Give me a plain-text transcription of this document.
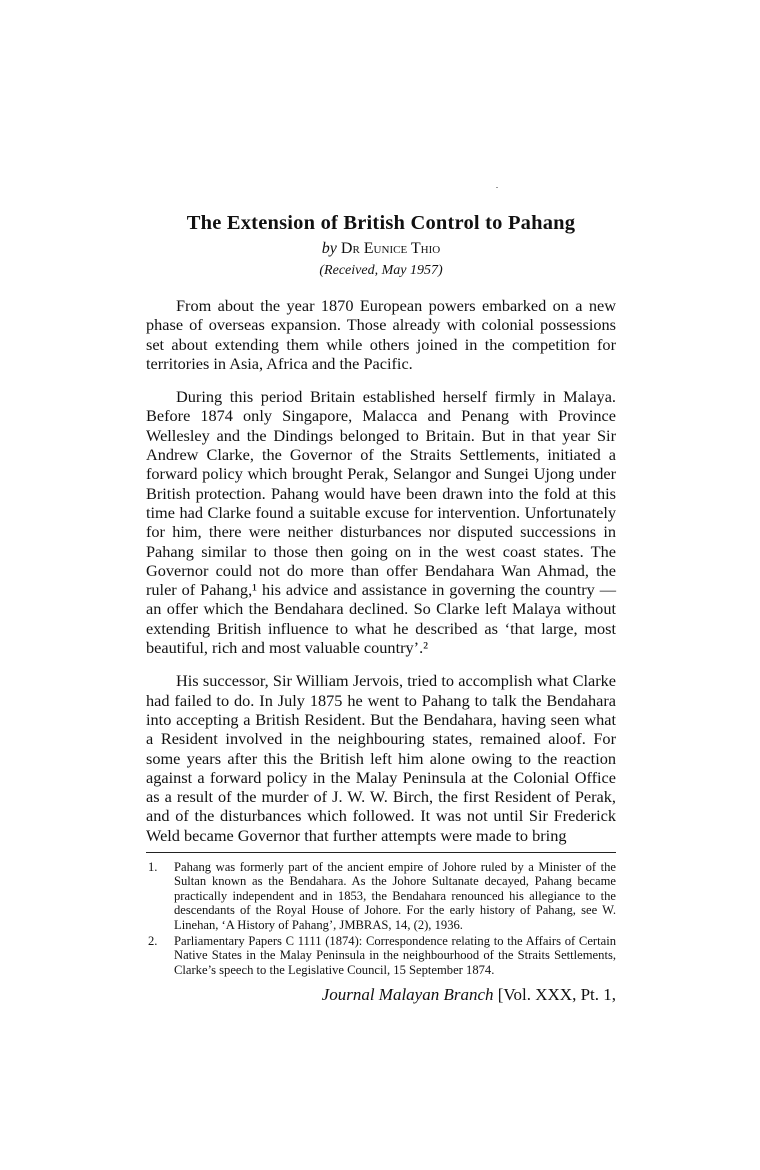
The Extension of British Control to Pahang
by Dr Eunice Thio
(Received, May 1957)

From about the year 1870 European powers embarked on a new phase of overseas expansion. Those already with colonial possessions set about extending them while others joined in the competition for territories in Asia, Africa and the Pacific.

During this period Britain established herself firmly in Malaya. Before 1874 only Singapore, Malacca and Penang with Province Wellesley and the Dindings belonged to Britain. But in that year Sir Andrew Clarke, the Governor of the Straits Settlements, initiated a forward policy which brought Perak, Selangor and Sungei Ujong under British protection. Pahang would have been drawn into the fold at this time had Clarke found a suitable excuse for intervention. Unfortunately for him, there were neither disturbances nor disputed successions in Pahang similar to those then going on in the west coast states. The Governor could not do more than offer Bendahara Wan Ahmad, the ruler of Pahang,¹ his advice and assistance in governing the country — an offer which the Bendahara declined. So Clarke left Malaya without extending British influence to what he described as ‘that large, most beautiful, rich and most valuable country’.²

His successor, Sir William Jervois, tried to accomplish what Clarke had failed to do. In July 1875 he went to Pahang to talk the Bendahara into accepting a British Resident. But the Bendahara, having seen what a Resident involved in the neighbouring states, remained aloof. For some years after this the British left him alone owing to the reaction against a forward policy in the Malay Peninsula at the Colonial Office as a result of the murder of J. W. W. Birch, the first Resident of Perak, and of the disturbances which followed. It was not until Sir Frederick Weld became Governor that further attempts were made to bring

1.	Pahang was formerly part of the ancient empire of Johore ruled by a Minister of the Sultan known as the Bendahara. As the Johore Sultanate decayed, Pahang became practically independent and in 1853, the Bendahara renounced his allegiance to the descendants of the Royal House of Johore. For the early history of Pahang, see W. Linehan, ‘A History of Pahang’, JMBRAS, 14, (2), 1936.
2.	Parliamentary Papers C 1111 (1874): Correspondence relating to the Affairs of Certain Native States in the Malay Peninsula in the neighbourhood of the Straits Settlements, Clarke’s speech to the Legislative Council, 15 September 1874.
Journal Malayan Branch [Vol. XXX, Pt. 1,
